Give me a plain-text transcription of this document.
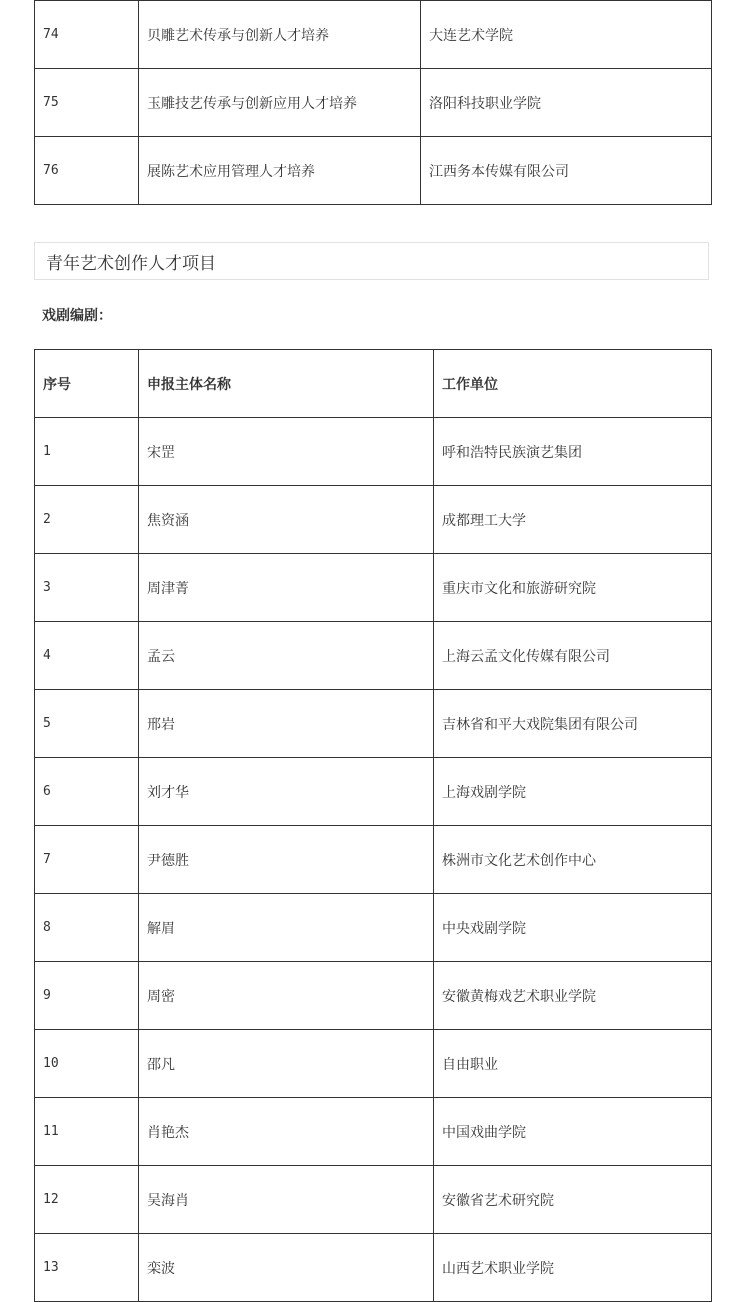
74	贝雕艺术传承与创新人才培养	大连艺术学院
75	玉雕技艺传承与创新应用人才培养	洛阳科技职业学院
76	展陈艺术应用管理人才培养	江西务本传媒有限公司
青年艺术创作人才项目
戏剧编剧：
序号	申报主体名称	工作单位
1	宋罡	呼和浩特民族演艺集团
2	焦资涵	成都理工大学
3	周津菁	重庆市文化和旅游研究院
4	孟云	上海云孟文化传媒有限公司
5	邢岩	吉林省和平大戏院集团有限公司
6	刘才华	上海戏剧学院
7	尹德胜	株洲市文化艺术创作中心
8	解眉	中央戏剧学院
9	周密	安徽黄梅戏艺术职业学院
10	邵凡	自由职业
11	肖艳杰	中国戏曲学院
12	吴海肖	安徽省艺术研究院
13	栾波	山西艺术职业学院
